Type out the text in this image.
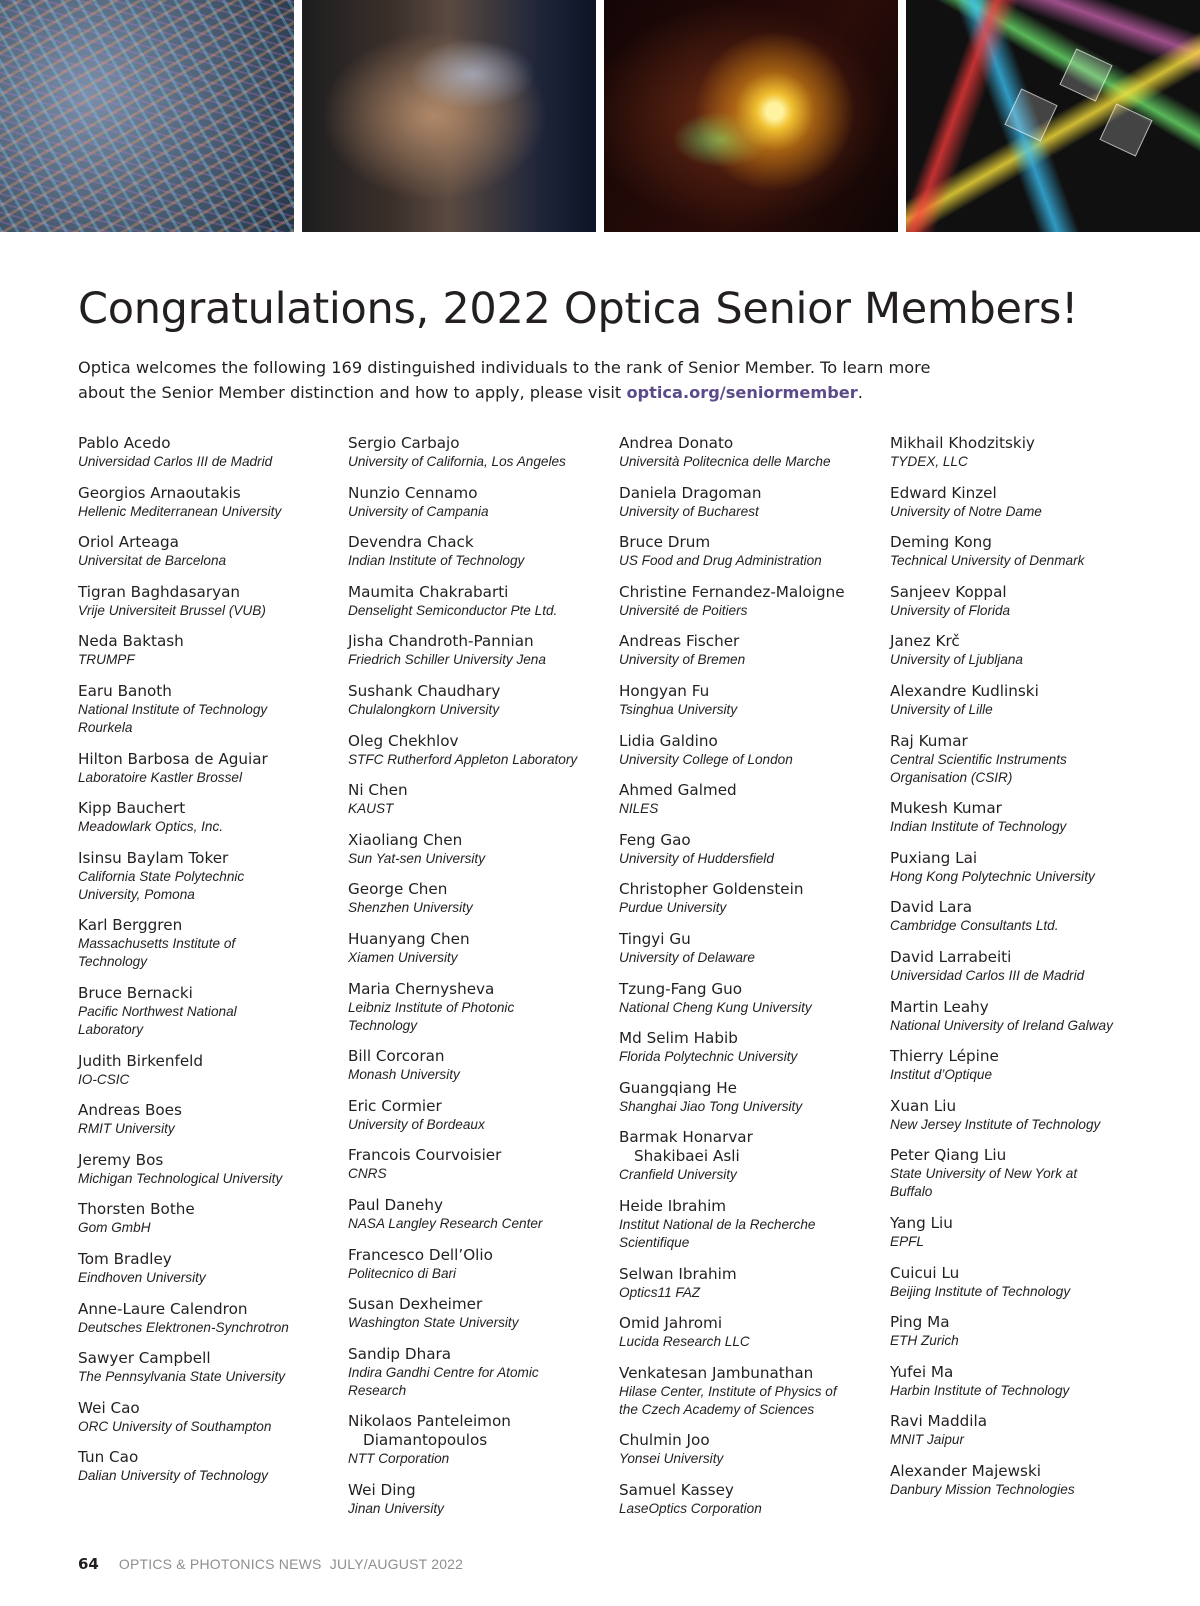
Congratulations, 2022 Optica Senior Members!

Optica welcomes the following 169 distinguished individuals to the rank of Senior Member. To learn more about the Senior Member distinction and how to apply, please visit optica.org/seniormember.

Pablo Acedo
Universidad Carlos III de Madrid
Georgios Arnaoutakis
Hellenic Mediterranean University
Oriol Arteaga
Universitat de Barcelona
Tigran Baghdasaryan
Vrije Universiteit Brussel (VUB)
Neda Baktash
TRUMPF
Earu Banoth
National Institute of Technology
Rourkela
Hilton Barbosa de Aguiar
Laboratoire Kastler Brossel
Kipp Bauchert
Meadowlark Optics, Inc.
Isinsu Baylam Toker
California State Polytechnic
University, Pomona
Karl Berggren
Massachusetts Institute of
Technology
Bruce Bernacki
Pacific Northwest National
Laboratory
Judith Birkenfeld
IO-CSIC
Andreas Boes
RMIT University
Jeremy Bos
Michigan Technological University
Thorsten Bothe
Gom GmbH
Tom Bradley
Eindhoven University
Anne-Laure Calendron
Deutsches Elektronen-Synchrotron
Sawyer Campbell
The Pennsylvania State University
Wei Cao
ORC University of Southampton
Tun Cao
Dalian University of Technology
Sergio Carbajo
University of California, Los Angeles
Nunzio Cennamo
University of Campania
Devendra Chack
Indian Institute of Technology
Maumita Chakrabarti
Denselight Semiconductor Pte Ltd.
Jisha Chandroth-Pannian
Friedrich Schiller University Jena
Sushank Chaudhary
Chulalongkorn University
Oleg Chekhlov
STFC Rutherford Appleton Laboratory
Ni Chen
KAUST
Xiaoliang Chen
Sun Yat-sen University
George Chen
Shenzhen University
Huanyang Chen
Xiamen University
Maria Chernysheva
Leibniz Institute of Photonic
Technology
Bill Corcoran
Monash University
Eric Cormier
University of Bordeaux
Francois Courvoisier
CNRS
Paul Danehy
NASA Langley Research Center
Francesco Dell’Olio
Politecnico di Bari
Susan Dexheimer
Washington State University
Sandip Dhara
Indira Gandhi Centre for Atomic
Research
Nikolaos Panteleimon
Diamantopoulos
NTT Corporation
Wei Ding
Jinan University
Andrea Donato
Università Politecnica delle Marche
Daniela Dragoman
University of Bucharest
Bruce Drum
US Food and Drug Administration
Christine Fernandez-Maloigne
Université de Poitiers
Andreas Fischer
University of Bremen
Hongyan Fu
Tsinghua University
Lidia Galdino
University College of London
Ahmed Galmed
NILES
Feng Gao
University of Huddersfield
Christopher Goldenstein
Purdue University
Tingyi Gu
University of Delaware
Tzung-Fang Guo
National Cheng Kung University
Md Selim Habib
Florida Polytechnic University
Guangqiang He
Shanghai Jiao Tong University
Barmak Honarvar
Shakibaei Asli
Cranfield University
Heide Ibrahim
Institut National de la Recherche
Scientifique
Selwan Ibrahim
Optics11 FAZ
Omid Jahromi
Lucida Research LLC
Venkatesan Jambunathan
Hilase Center, Institute of Physics of
the Czech Academy of Sciences
Chulmin Joo
Yonsei University
Samuel Kassey
LaseOptics Corporation
Mikhail Khodzitskiy
TYDEX, LLC
Edward Kinzel
University of Notre Dame
Deming Kong
Technical University of Denmark
Sanjeev Koppal
University of Florida
Janez Krč
University of Ljubljana
Alexandre Kudlinski
University of Lille
Raj Kumar
Central Scientific Instruments
Organisation (CSIR)
Mukesh Kumar
Indian Institute of Technology
Puxiang Lai
Hong Kong Polytechnic University
David Lara
Cambridge Consultants Ltd.
David Larrabeiti
Universidad Carlos III de Madrid
Martin Leahy
National University of Ireland Galway
Thierry Lépine
Institut d’Optique
Xuan Liu
New Jersey Institute of Technology
Peter Qiang Liu
State University of New York at
Buffalo
Yang Liu
EPFL
Cuicui Lu
Beijing Institute of Technology
Ping Ma
ETH Zurich
Yufei Ma
Harbin Institute of Technology
Ravi Maddila
MNIT Jaipur
Alexander Majewski
Danbury Mission Technologies
64 OPTICS & PHOTONICS NEWS  JULY/AUGUST 2022
